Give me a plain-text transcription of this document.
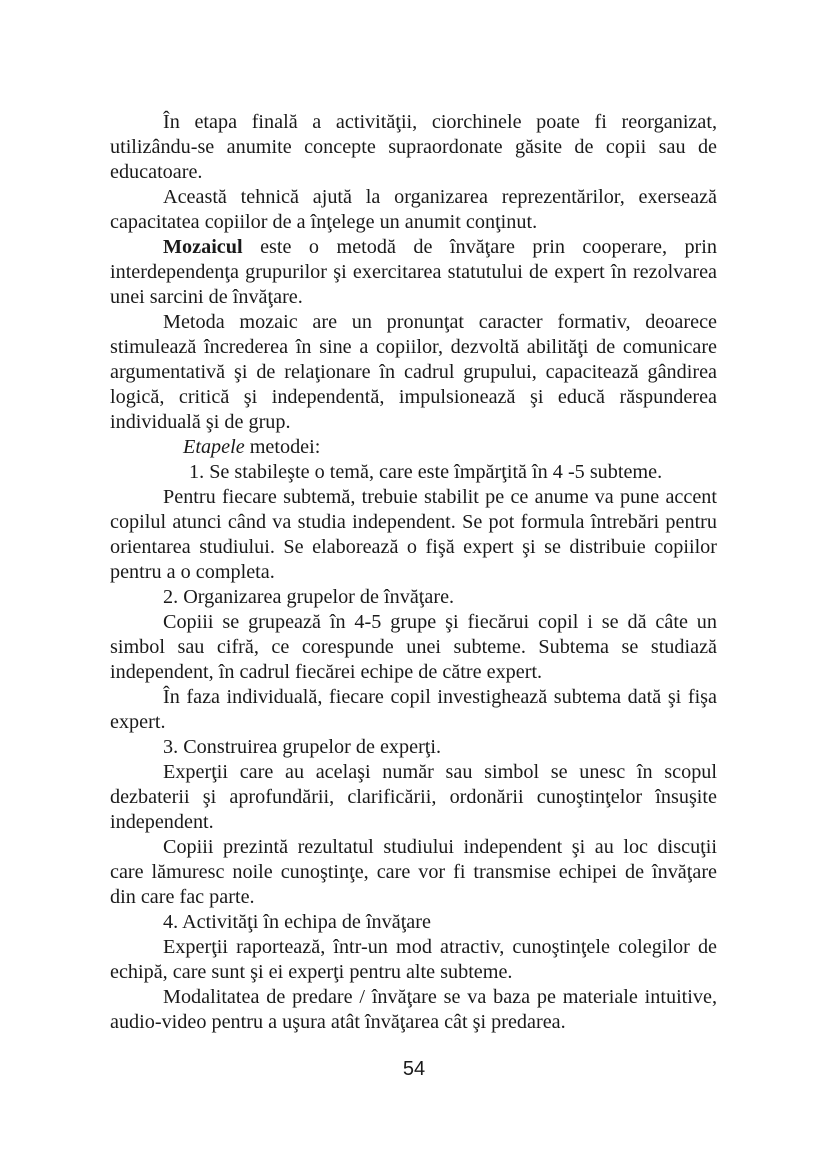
În etapa finală a activităţii, ciorchinele poate fi reorganizat, utilizându-se anumite concepte supraordonate găsite de copii sau de educatoare.

Această tehnică ajută la organizarea reprezentărilor, exersează capacitatea copiilor de a înţelege un anumit conţinut.

Mozaicul este o metodă de învăţare prin cooperare, prin interdependenţa grupurilor şi exercitarea statutului de expert în rezolvarea unei sarcini de învăţare.

Metoda mozaic are un pronunţat caracter formativ, deoarece stimulează încrederea în sine a copiilor, dezvoltă abilităţi de comunicare argumentativă şi de relaţionare în cadrul grupului, capacitează gândirea logică, critică şi independentă, impulsionează şi educă răspunderea individuală şi de grup.

Etapele metodei:

1. Se stabileşte o temă, care este împărţită în 4 -5 subteme.

Pentru fiecare subtemă, trebuie stabilit pe ce anume va pune accent copilul atunci când va studia independent. Se pot formula întrebări pentru orientarea studiului. Se elaborează o fişă expert şi se distribuie copiilor pentru a o completa.

2. Organizarea grupelor de învăţare.

Copiii se grupează în 4-5 grupe şi fiecărui copil i se dă câte un simbol sau cifră, ce corespunde unei subteme. Subtema se studiază independent, în cadrul fiecărei echipe de către expert.

În faza individuală, fiecare copil investighează subtema dată şi fişa expert.

3. Construirea grupelor de experţi.

Experţii care au acelaşi număr sau simbol se unesc în scopul dezbaterii şi aprofundării, clarificării, ordonării cunoştinţelor însuşite independent.

Copiii prezintă rezultatul studiului independent şi au loc discuţii care lămuresc noile cunoştinţe, care vor fi transmise echipei de învăţare din care fac parte.

4. Activităţi în echipa de învăţare

Experţii raportează, într-un mod atractiv, cunoştinţele colegilor de echipă, care sunt şi ei experţi pentru alte subteme.

Modalitatea de predare / învăţare se va baza pe materiale intuitive, audio-video pentru a uşura atât învăţarea cât şi predarea.

54
